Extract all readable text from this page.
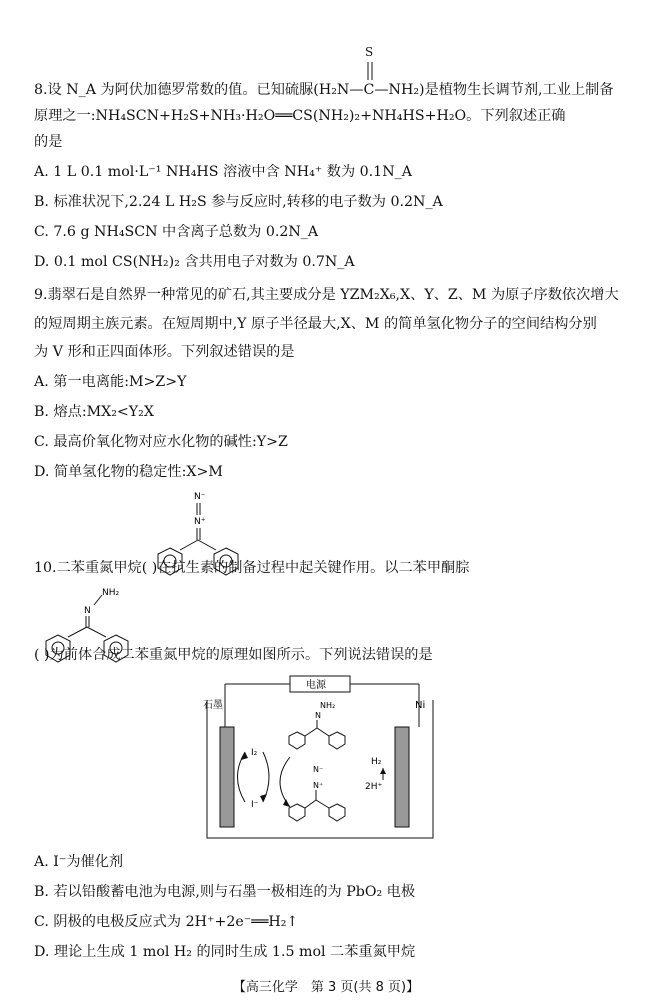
S
8.设 N_A 为阿伏加德罗常数的值。已知硫脲(H₂N—C—NH₂)是植物生长调节剂,工业上制备
原理之一:NH₄SCN+H₂S+NH₃·H₂O══CS(NH₂)₂+NH₄HS+H₂O。下列叙述正确
的是
A. 1 L 0.1 mol·L⁻¹ NH₄HS 溶液中含 NH₄⁺ 数为 0.1N_A
B. 标准状况下,2.24 L H₂S 参与反应时,转移的电子数为 0.2N_A
C. 7.6 g NH₄SCN 中含离子总数为 0.2N_A
D. 0.1 mol CS(NH₂)₂ 含共用电子对数为 0.7N_A
9.翡翠石是自然界一种常见的矿石,其主要成分是 YZM₂X₆,X、Y、Z、M 为原子序数依次增大
的短周期主族元素。在短周期中,Y 原子半径最大,X、M 的简单氢化物分子的空间结构分别
为 V 形和正四面体形。下列叙述错误的是
A. 第一电离能:M>Z>Y
B. 熔点:MX₂<Y₂X
C. 最高价氧化物对应水化物的碱性:Y>Z
D. 简单氢化物的稳定性:X>M
N⁻
N⁺
10.二苯重氮甲烷( )在抗生素的制备过程中起关键作用。以二苯甲酮腙
NH₂
N
( )为前体合成二苯重氮甲烷的原理如图所示。下列说法错误的是
电源
石墨	Ni
I₂
I⁻
NH₂
N
N⁻
N⁺
H₂
2H⁺
A. I⁻为催化剂
B. 若以铅酸蓄电池为电源,则与石墨一极相连的为 PbO₂ 电极
C. 阴极的电极反应式为 2H⁺+2e⁻══H₂↑
D. 理论上生成 1 mol H₂ 的同时生成 1.5 mol 二苯重氮甲烷
【高三化学　第 3 页(共 8 页)】
